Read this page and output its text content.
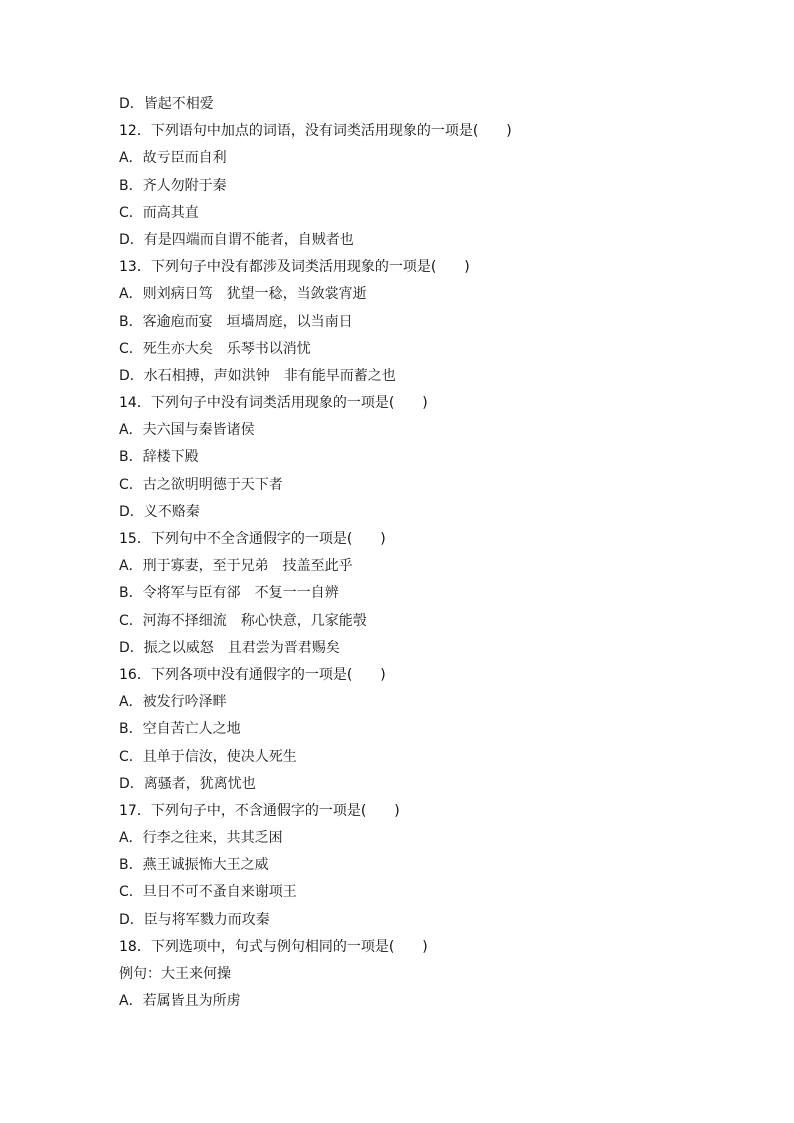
D．皆起不相爱
12．下列语句中加点的词语，没有词类活用现象的一项是(　　)
A．故亏臣而自利
B．齐人勿附于秦
C．而高其直
D．有是四端而自谓不能者，自贼者也
13．下列句子中没有都涉及词类活用现象的一项是(　　)
A．则刘病日笃　犹望一稔，当敛裳宵逝
B．客逾庖而宴　垣墙周庭，以当南日
C．死生亦大矣　乐琴书以消忧
D．水石相搏，声如洪钟　非有能早而蓄之也
14．下列句子中没有词类活用现象的一项是(　　)
A．夫六国与秦皆诸侯
B．辞楼下殿
C．古之欲明明德于天下者
D．义不赂秦
15．下列句中不全含通假字的一项是(　　)
A．刑于寡妻，至于兄弟　技盖至此乎
B．令将军与臣有郤　不复一一自辨
C．河海不择细流　称心快意，几家能彀
D．振之以威怒　且君尝为晋君赐矣
16．下列各项中没有通假字的一项是(　　)
A．被发行吟泽畔
B．空自苦亡人之地
C．且单于信汝，使决人死生
D．离骚者，犹离忧也
17．下列句子中，不含通假字的一项是(　　)
A．行李之往来，共其乏困
B．燕王诚振怖大王之威
C．旦日不可不蚤自来谢项王
D．臣与将军戮力而攻秦
18．下列选项中，句式与例句相同的一项是(　　)
例句：大王来何操
A．若属皆且为所虏
